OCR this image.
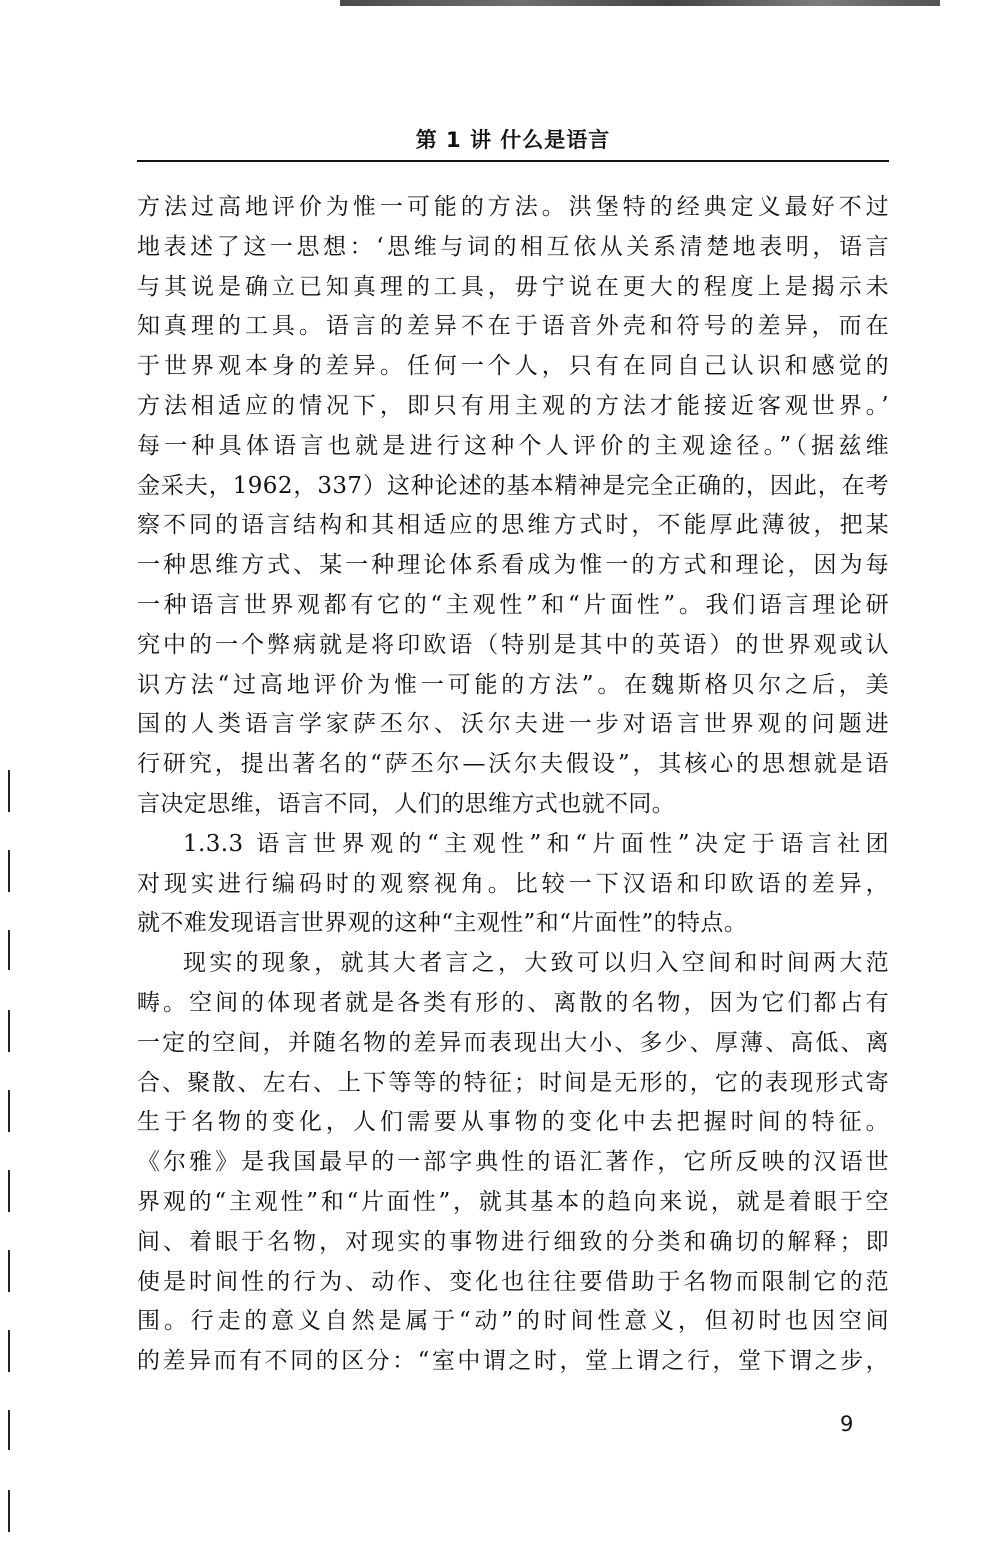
第 1 讲 什么是语言
方法过高地评价为惟一可能的方法。洪堡特的经典定义最好不过
地表述了这一思想：‘思维与词的相互依从关系清楚地表明，语言
与其说是确立已知真理的工具，毋宁说在更大的程度上是揭示未
知真理的工具。语言的差异不在于语音外壳和符号的差异，而在
于世界观本身的差异。任何一个人，只有在同自己认识和感觉的
方法相适应的情况下，即只有用主观的方法才能接近客观世界。’
每一种具体语言也就是进行这种个人评价的主观途径。”（据兹维
金采夫，1962，337）这种论述的基本精神是完全正确的，因此，在考
察不同的语言结构和其相适应的思维方式时，不能厚此薄彼，把某
一种思维方式、某一种理论体系看成为惟一的方式和理论，因为每
一种语言世界观都有它的“主观性”和“片面性”。我们语言理论研
究中的一个弊病就是将印欧语（特别是其中的英语）的世界观或认
识方法“过高地评价为惟一可能的方法”。在魏斯格贝尔之后，美
国的人类语言学家萨丕尔、沃尔夫进一步对语言世界观的问题进
行研究，提出著名的“萨丕尔—沃尔夫假设”，其核心的思想就是语
言决定思维，语言不同，人们的思维方式也就不同。
1.3.3 语言世界观的“主观性”和“片面性”决定于语言社团
对现实进行编码时的观察视角。比较一下汉语和印欧语的差异，
就不难发现语言世界观的这种“主观性”和“片面性”的特点。
现实的现象，就其大者言之，大致可以归入空间和时间两大范
畴。空间的体现者就是各类有形的、离散的名物，因为它们都占有
一定的空间，并随名物的差异而表现出大小、多少、厚薄、高低、离
合、聚散、左右、上下等等的特征；时间是无形的，它的表现形式寄
生于名物的变化，人们需要从事物的变化中去把握时间的特征。
《尔雅》是我国最早的一部字典性的语汇著作，它所反映的汉语世
界观的“主观性”和“片面性”，就其基本的趋向来说，就是着眼于空
间、着眼于名物，对现实的事物进行细致的分类和确切的解释；即
使是时间性的行为、动作、变化也往往要借助于名物而限制它的范
围。行走的意义自然是属于“动”的时间性意义，但初时也因空间
的差异而有不同的区分：“室中谓之时，堂上谓之行，堂下谓之步，
9
